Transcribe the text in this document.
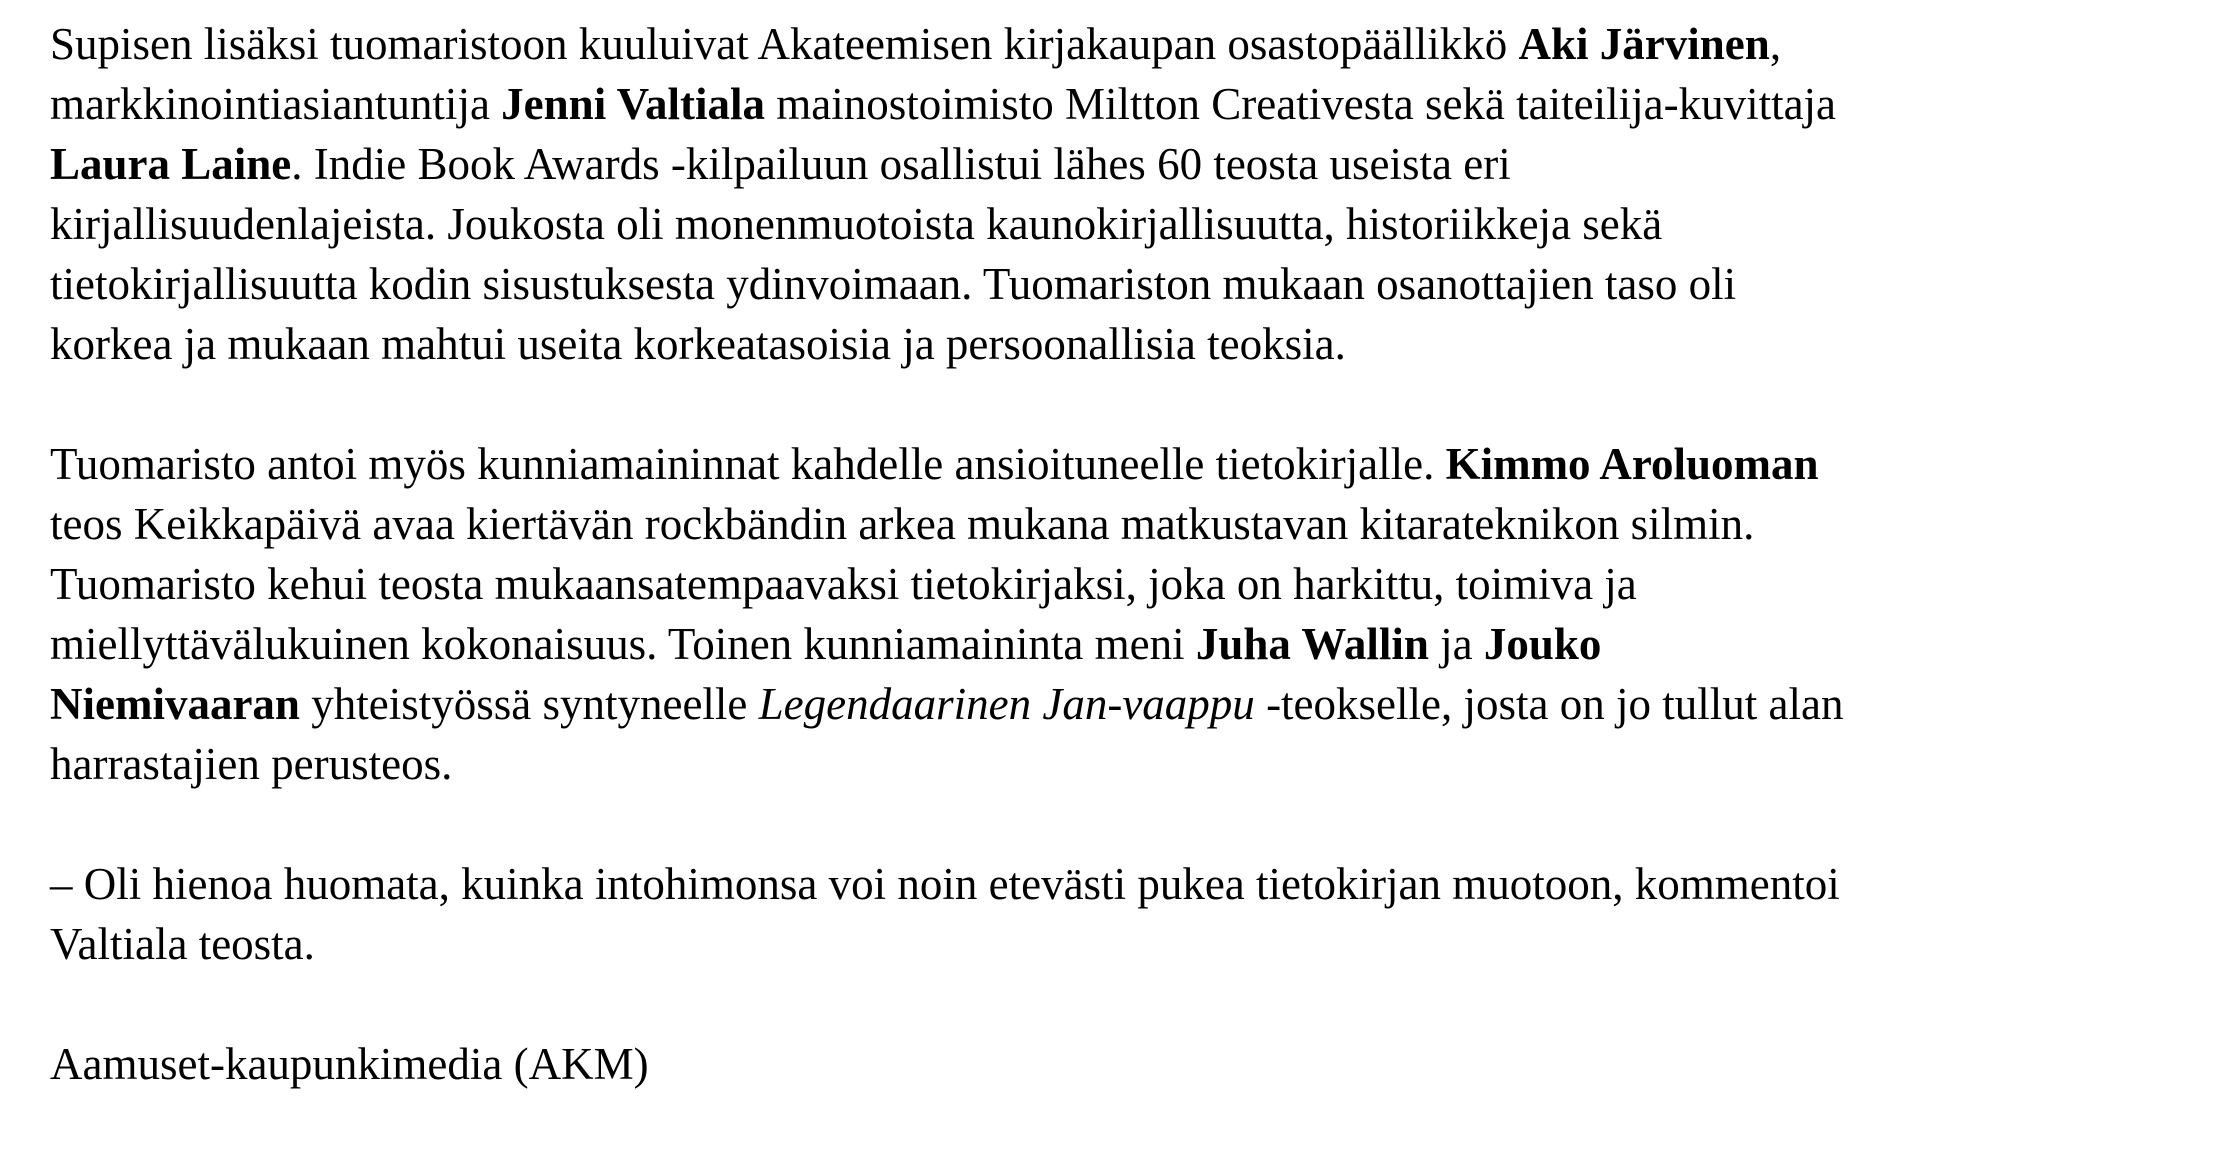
Supisen lisäksi tuomaristoon kuuluivat Akateemisen kirjakaupan osastopäällikkö Aki Järvinen,
markkinointiasiantuntija Jenni Valtiala mainostoimisto Miltton Creativesta sekä taiteilija-kuvittaja
Laura Laine. Indie Book Awards -kilpailuun osallistui lähes 60 teosta useista eri
kirjallisuudenlajeista. Joukosta oli monenmuotoista kaunokirjallisuutta, historiikkeja sekä
tietokirjallisuutta kodin sisustuksesta ydinvoimaan. Tuomariston mukaan osanottajien taso oli
korkea ja mukaan mahtui useita korkeatasoisia ja persoonallisia teoksia.

Tuomaristo antoi myös kunniamaininnat kahdelle ansioituneelle tietokirjalle. Kimmo Aroluoman
teos Keikkapäivä avaa kiertävän rockbändin arkea mukana matkustavan kitarateknikon silmin.
Tuomaristo kehui teosta mukaansatempaavaksi tietokirjaksi, joka on harkittu, toimiva ja
miellyttävälukuinen kokonaisuus. Toinen kunniamaininta meni Juha Wallin ja Jouko
Niemivaaran yhteistyössä syntyneelle Legendaarinen Jan-vaappu -teokselle, josta on jo tullut alan
harrastajien perusteos.

– Oli hienoa huomata, kuinka intohimonsa voi noin etevästi pukea tietokirjan muotoon, kommentoi
Valtiala teosta.

Aamuset-kaupunkimedia (AKM)
